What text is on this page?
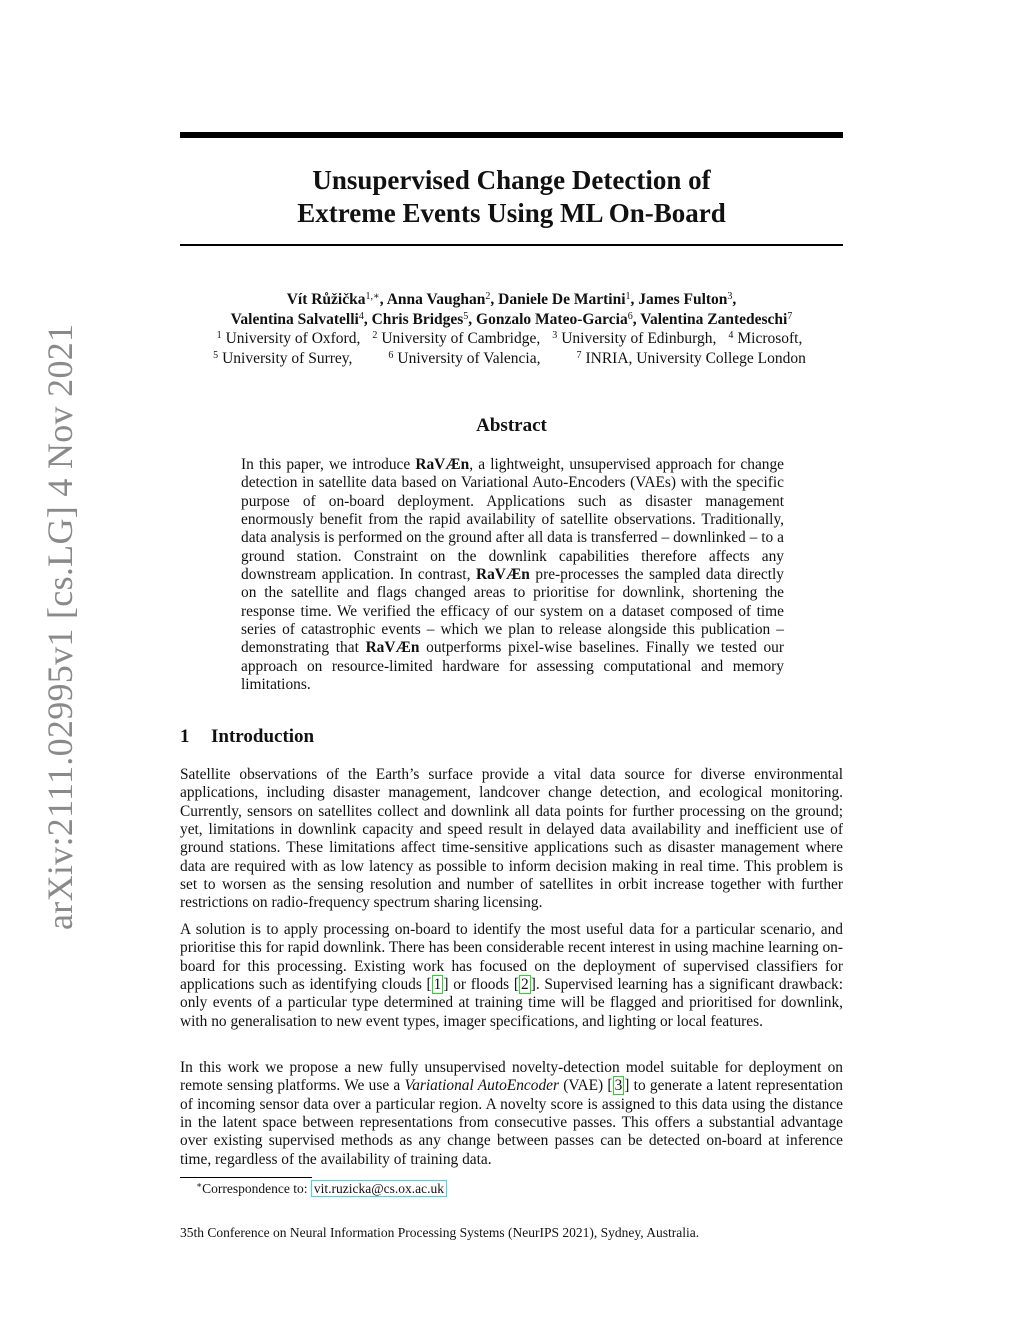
arXiv:2111.02995v1 [cs.LG] 4 Nov 2021
Unsupervised Change Detection of
Extreme Events Using ML On-Board
Vít Růžička$^{1,∗}$, Anna Vaughan$^2$, Daniele De Martini$^1$, James Fulton$^3$,
Valentina Salvatelli$^4$, Chris Bridges$^5$, Gonzalo Mateo-Garcia$^6$, Valentina Zantedeschi$^7$
$^1$ University of Oxford, $^2$ University of Cambridge, $^3$ University of Edinburgh, $^4$ Microsoft,
$^5$ University of Surrey,	$^6$ University of Valencia,	$^7$ INRIA, University College London
Abstract
In this paper, we introduce RaVÆn, a lightweight, unsupervised approach for change detection in satellite data based on Variational Auto-Encoders (VAEs) with the specific purpose of on-board deployment. Applications such as disaster management enormously benefit from the rapid availability of satellite observations. Traditionally, data analysis is performed on the ground after all data is transferred – downlinked – to a ground station. Constraint on the downlink capabilities therefore affects any downstream application. In contrast, RaVÆn pre-processes the sampled data directly on the satellite and flags changed areas to prioritise for downlink, shortening the response time. We verified the efficacy of our system on a dataset composed of time series of catastrophic events – which we plan to release alongside this publication – demonstrating that RaVÆn outperforms pixel-wise baselines. Finally we tested our approach on resource-limited hardware for assessing computational and memory limitations.
1 Introduction

Satellite observations of the Earth’s surface provide a vital data source for diverse environmental applications, including disaster management, landcover change detection, and ecological monitoring. Currently, sensors on satellites collect and downlink all data points for further processing on the ground; yet, limitations in downlink capacity and speed result in delayed data availability and inefficient use of ground stations. These limitations affect time-sensitive applications such as disaster management where data are required with as low latency as possible to inform decision making in real time. This problem is set to worsen as the sensing resolution and number of satellites in orbit increase together with further restrictions on radio-frequency spectrum sharing licensing.

A solution is to apply processing on-board to identify the most useful data for a particular scenario, and prioritise this for rapid downlink. There has been considerable recent interest in using machine learning on-board for this processing. Existing work has focused on the deployment of supervised classifiers for applications such as identifying clouds [ 1 ] or floods [ 2 ]. Supervised learning has a significant drawback: only events of a particular type determined at training time will be flagged and prioritised for downlink, with no generalisation to new event types, imager specifications, and lighting or local features.

In this work we propose a new fully unsupervised novelty-detection model suitable for deployment on remote sensing platforms. We use a Variational AutoEncoder (VAE) [ 3 ] to generate a latent representation of incoming sensor data over a particular region. A novelty score is assigned to this data using the distance in the latent space between representations from consecutive passes. This offers a substantial advantage over existing supervised methods as any change between passes can be detected on-board at inference time, regardless of the availability of training data.

∗Correspondence to: vit.ruzicka@cs.ox.ac.uk
35th Conference on Neural Information Processing Systems (NeurIPS 2021), Sydney, Australia.
